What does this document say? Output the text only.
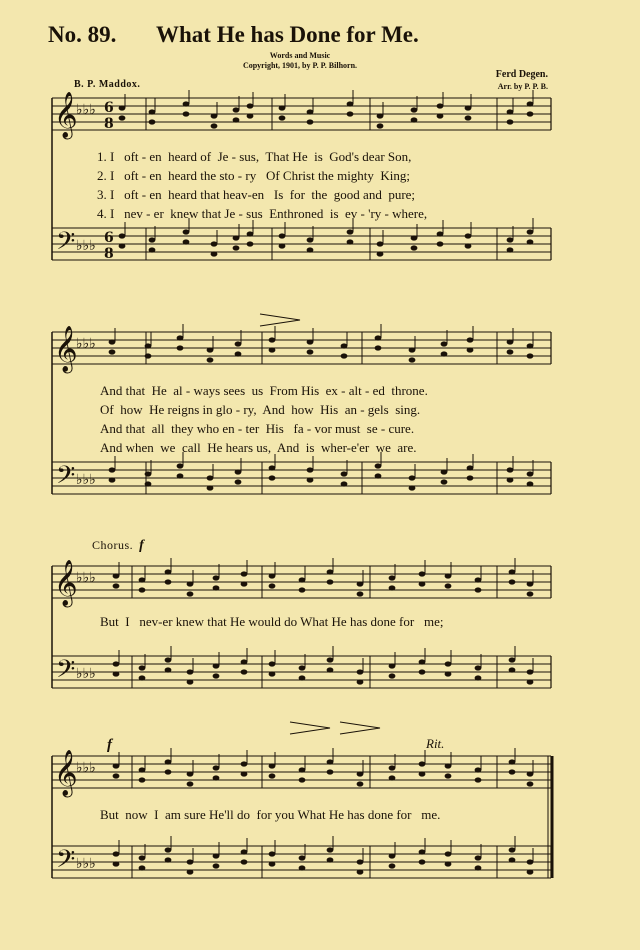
No. 89. What He has Done for Me.
Words and Music
Copyright, 1901, by P. P. Bilhorn.
B. P. Maddox.
Ferd Degen.
Arr. by P. P. B.
𝄞
𝄢
♭♭♭
♭♭♭
𝄞
𝄢
♭♭♭
♭♭♭
𝄞
𝄢
♭♭♭
♭♭♭
𝄞
𝄢
♭♭♭
♭♭♭
6
8
6
8
1. I   oft - en  heard of  Je - sus,  That He  is  God's dear Son,
2. I   oft - en  heard the sto - ry   Of Christ the mighty  King;
3. I   oft - en  heard that heav-en   Is  for  the  good and  pure;
4. I   nev - er  knew that Je - sus  Enthroned  is  ev - 'ry - where,
And that  He  al - ways sees  us  From His  ex - alt - ed  throne.
Of  how  He reigns in glo - ry,  And  how  His  an - gels  sing.
And that  all  they who en - ter  His   fa - vor must  se - cure.
And when  we  call  He hears us,  And  is  wher-e'er  we  are.
Chorus. f
But  I   nev-er knew that He would do What He has done for   me;
f	Rit.
But  now  I  am sure He'll do  for you What He has done for   me.
